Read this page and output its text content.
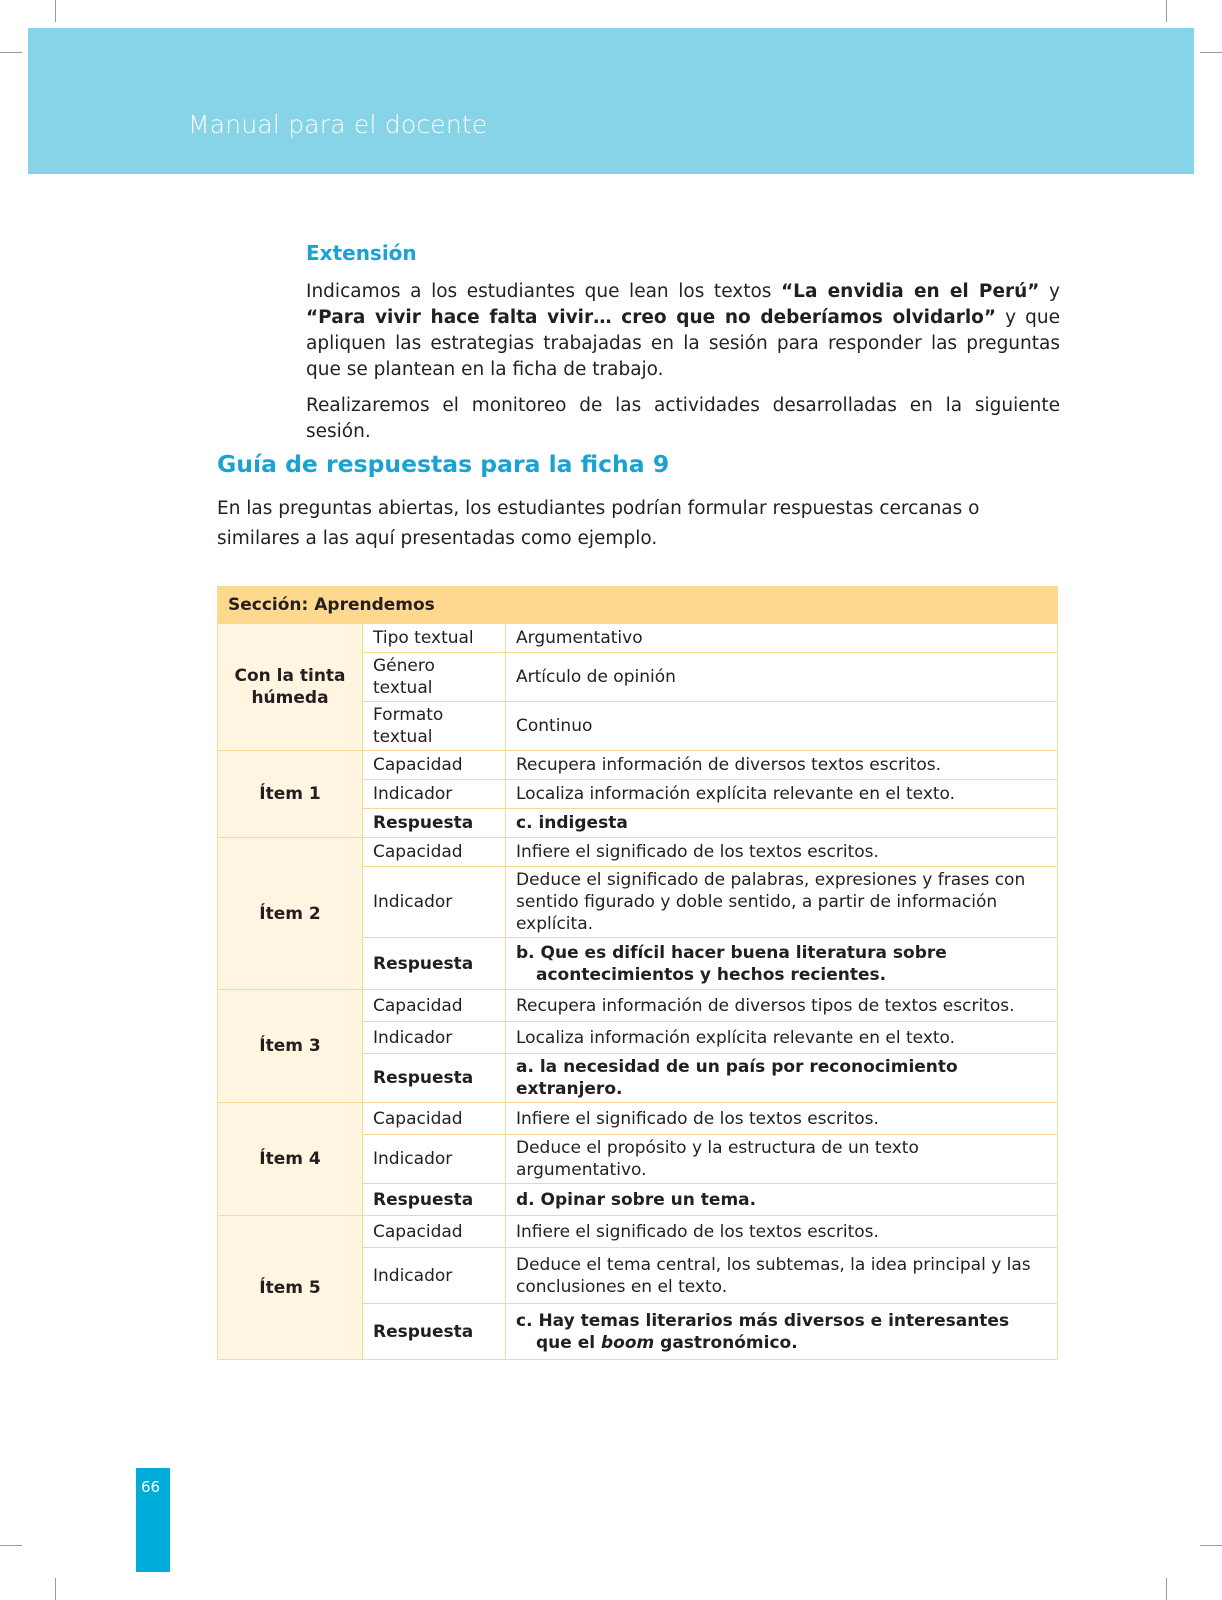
Manual para el docente
Extensión

Indicamos a los estudiantes que lean los textos “La envidia en el Perú” y “Para vivir hace falta vivir… creo que no deberíamos olvidarlo” y que apliquen las estrategias trabajadas en la sesión para responder las preguntas que se plantean en la ficha de trabajo.

Realizaremos el monitoreo de las actividades desarrolladas en la siguiente sesión.

Guía de respuestas para la ficha 9

En las preguntas abiertas, los estudiantes podrían formular respuestas cercanas o similares a las aquí presentadas como ejemplo.

Sección: Aprendemos		
Con la tinta húmeda	Tipo textual	Argumentativo
	Género textual	Artículo de opinión
	Formato textual	Continuo
Ítem 1	Capacidad	Recupera información de diversos textos escritos.
	Indicador	Localiza información explícita relevante en el texto.
	Respuesta	c. indigesta
Ítem 2	Capacidad	Infiere el significado de los textos escritos.
	Indicador	Deduce el significado de palabras, expresiones y frases con sentido figurado y doble sentido, a partir de información explícita.
	Respuesta	b. Que es difícil hacer buena literatura sobre acontecimientos y hechos recientes.
Ítem 3	Capacidad	Recupera información de diversos tipos de textos escritos.
	Indicador	Localiza información explícita relevante en el texto.
	Respuesta	a. la necesidad de un país por reconocimiento extranjero.
Ítem 4	Capacidad	Infiere el significado de los textos escritos.
	Indicador	Deduce el propósito y la estructura de un texto argumentativo.
	Respuesta	d. Opinar sobre un tema.
Ítem 5	Capacidad	Infiere el significado de los textos escritos.
	Indicador	Deduce el tema central, los subtemas, la idea principal y las conclusiones en el texto.
	Respuesta	c. Hay temas literarios más diversos e interesantes que el boom gastronómico.
66
